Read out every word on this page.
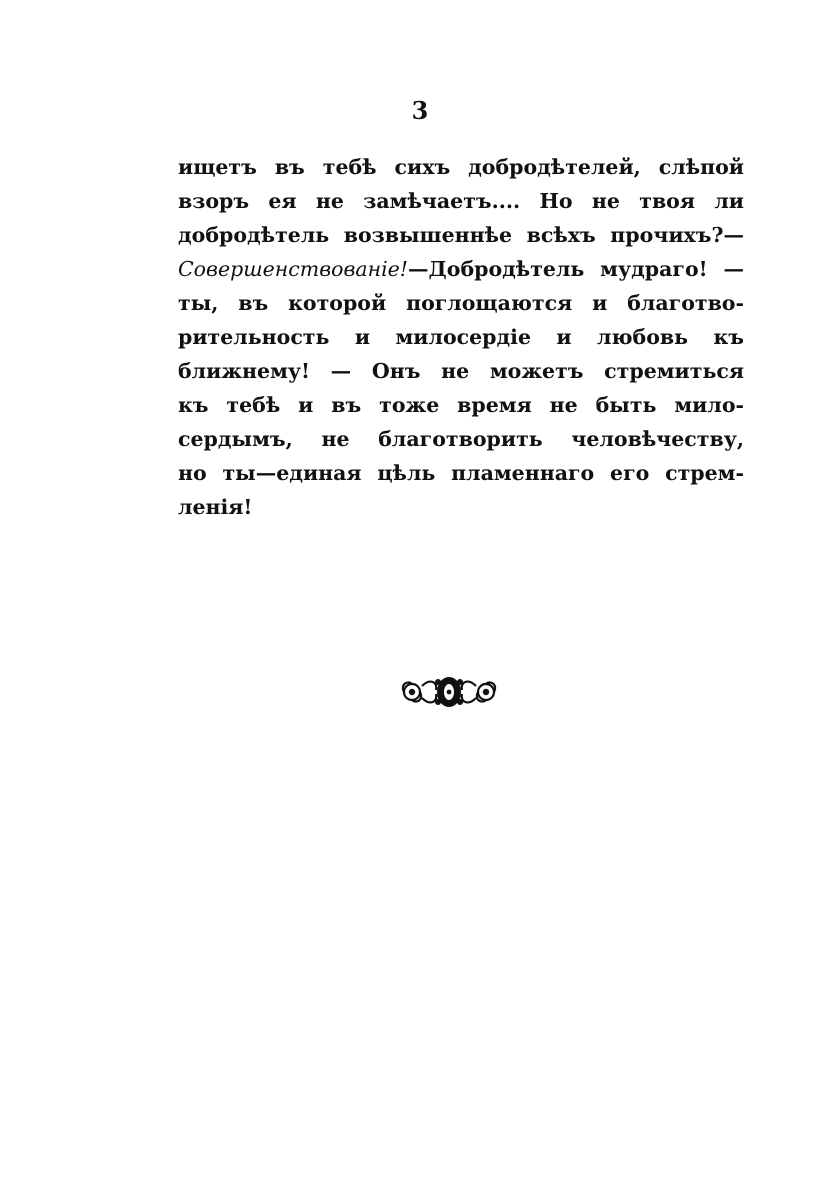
3
ищетъ въ тебѣ сихъ добродѣтелей, слѣпой
взоръ ея не замѣчаетъ.... Но не твоя ли
добродѣтель возвышеннѣе всѣхъ прочихъ?—
Совершенствованіе!—Добродѣтель мудраго! —
ты, въ которой поглощаются и благотво-
рительность и милосердіе и любовь къ
ближнему! — Онъ не можетъ стремиться
къ тебѣ и въ тоже время не быть мило-
сердымъ, не благотворить человѣчеству,
но ты—единая цѣль пламеннаго его стрем-
ленія!
